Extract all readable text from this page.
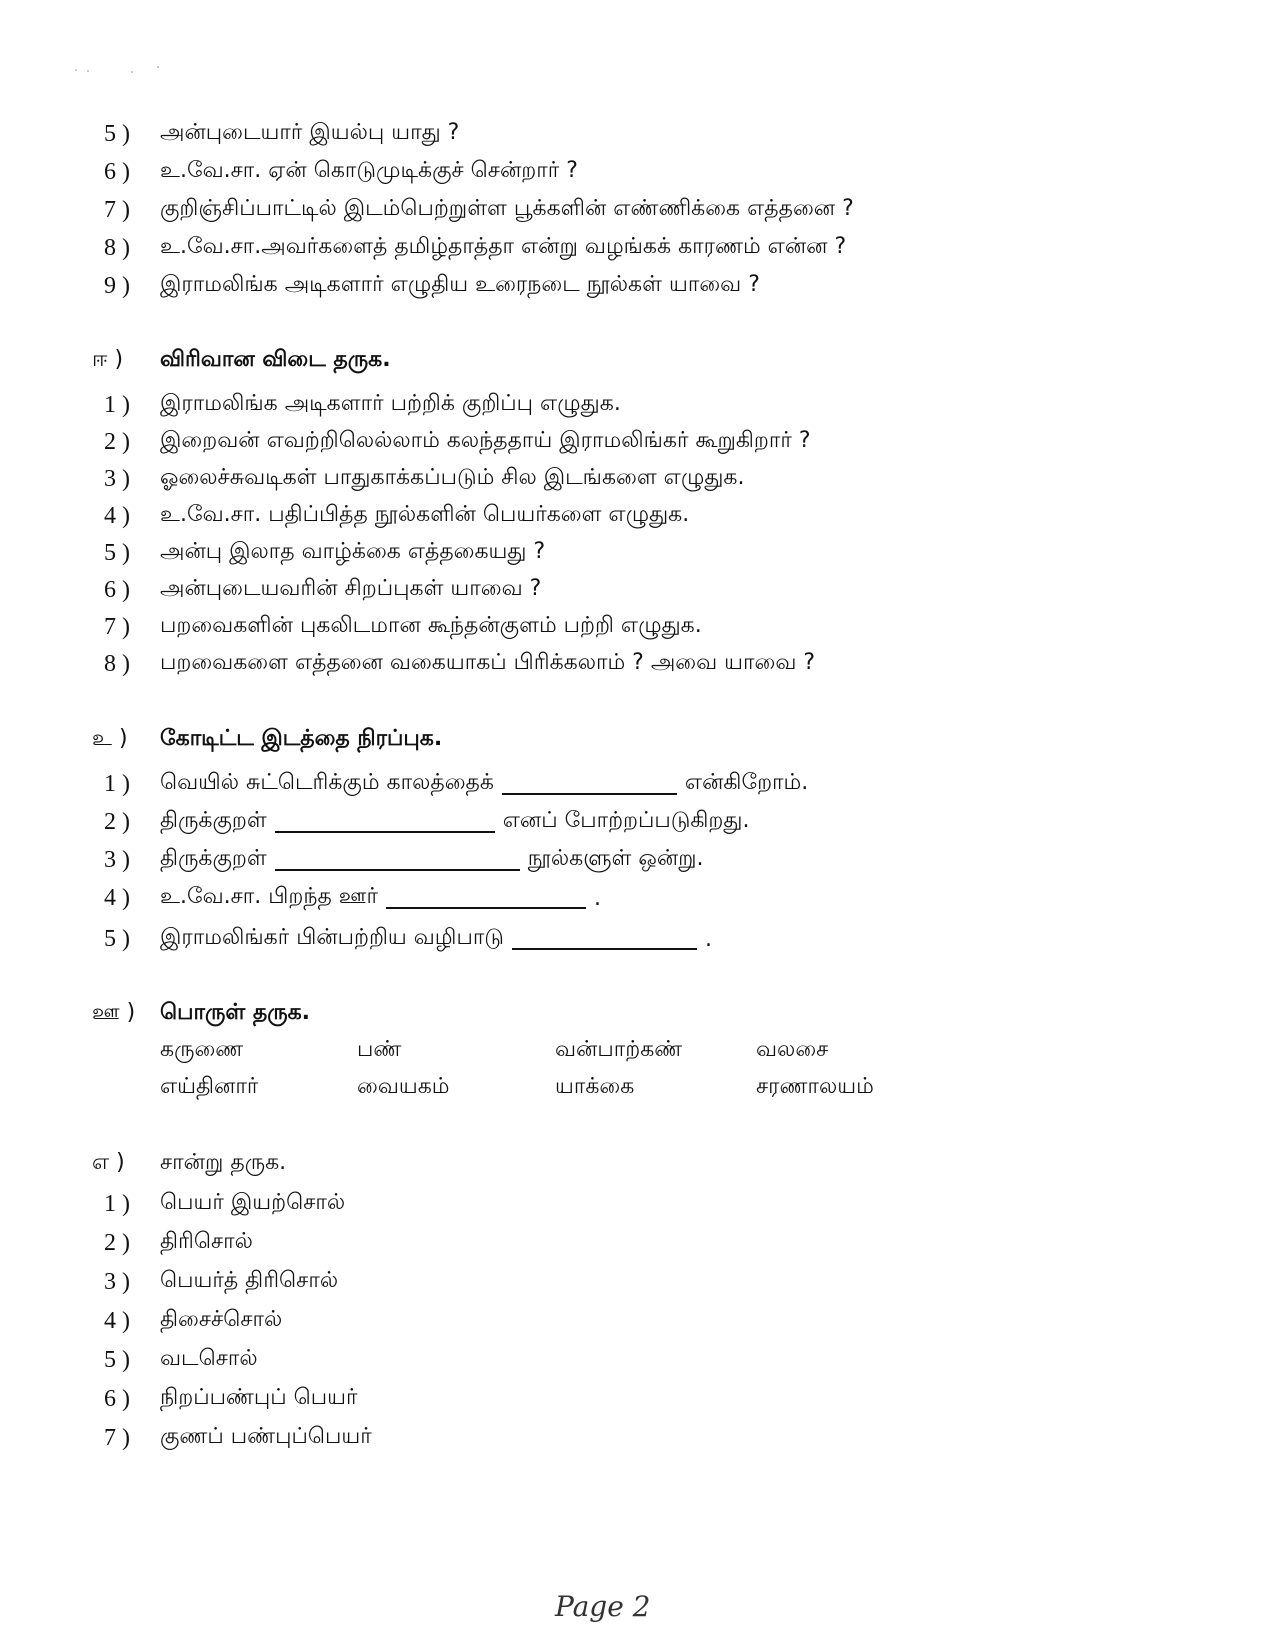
5 )	அன்புடையார் இயல்பு யாது ?
6 )	உ.வே.சா. ஏன் கொடுமுடிக்குச் சென்றார் ?
7 )	குறிஞ்சிப்பாட்டில் இடம்பெற்றுள்ள பூக்களின் எண்ணிக்கை எத்தனை ?
8 )	உ.வே.சா.அவர்களைத் தமிழ்தாத்தா என்று வழங்கக் காரணம் என்ன ?
9 )	இராமலிங்க அடிகளார் எழுதிய உரைநடை நூல்கள் யாவை ?
ஈ )	விரிவான விடை தருக.
1 )	இராமலிங்க அடிகளார் பற்றிக் குறிப்பு எழுதுக.
2 )	இறைவன் எவற்றிலெல்லாம் கலந்ததாய் இராமலிங்கர் கூறுகிறார் ?
3 )	ஓலைச்சுவடிகள் பாதுகாக்கப்படும் சில இடங்களை எழுதுக.
4 )	உ.வே.சா. பதிப்பித்த நூல்களின் பெயர்களை எழுதுக.
5 )	அன்பு இலாத வாழ்க்கை எத்தகையது ?
6 )	அன்புடையவரின் சிறப்புகள் யாவை ?
7 )	பறவைகளின் புகலிடமான கூந்தன்குளம் பற்றி எழுதுக.
8 )	பறவைகளை எத்தனை வகையாகப் பிரிக்கலாம் ? அவை யாவை ?
உ )	கோடிட்ட இடத்தை நிரப்புக.
1 )	வெயில் சுட்டெரிக்கும் காலத்தைக்	என்கிறோம்.
2 )	திருக்குறள்	எனப் போற்றப்படுகிறது.
3 )	திருக்குறள்	நூல்களுள் ஒன்று.
4 )	உ.வே.சா. பிறந்த ஊர்	.
5 )	இராமலிங்கர் பின்பற்றிய வழிபாடு	.
ஊ )	பொருள் தருக.
கருணை	பண்	வன்பாற்கண்	வலசை
எய்தினார்	வையகம்	யாக்கை	சரணாலயம்
எ )	சான்று தருக.
1 )	பெயர் இயற்சொல்
2 )	திரிசொல்
3 )	பெயர்த் திரிசொல்
4 )	திசைச்சொல்
5 )	வடசொல்
6 )	நிறப்பண்புப் பெயர்
7 )	குணப் பண்புப்பெயர்
Page 2
